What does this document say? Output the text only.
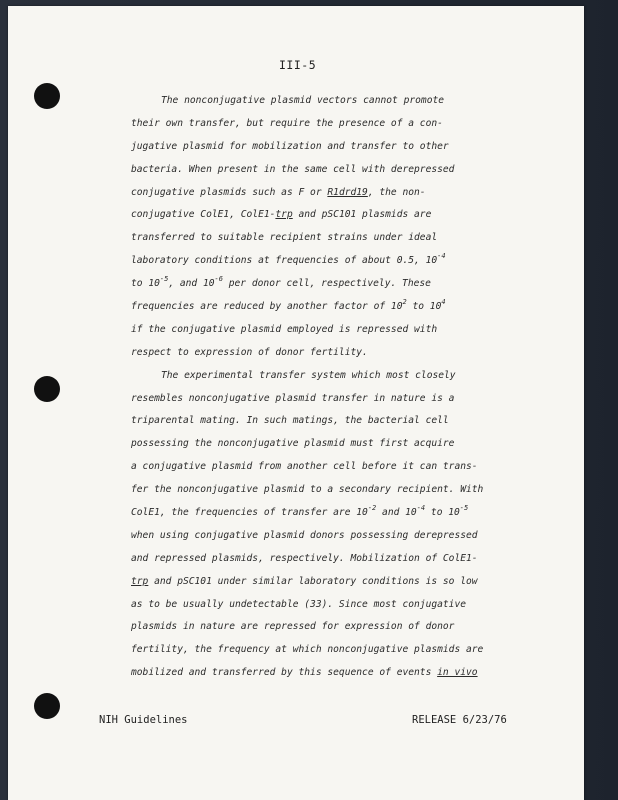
III-5
The nonconjugative plasmid vectors cannot promote
their own transfer, but require the presence of a con-
jugative plasmid for mobilization and transfer to other
bacteria. When present in the same cell with derepressed
conjugative plasmids such as F or R1drd19, the non-
conjugative ColE1, ColE1-trp and pSC101 plasmids are
transferred to suitable recipient strains under ideal
laboratory conditions at frequencies of about 0.5, $10^{-4}$
to $10^{-5}$, and $10^{-6}$ per donor cell, respectively. These
frequencies are reduced by another factor of $10^2$ to $10^4$
if the conjugative plasmid employed is repressed with
respect to expression of donor fertility.
The experimental transfer system which most closely
resembles nonconjugative plasmid transfer in nature is a
triparental mating. In such matings, the bacterial cell
possessing the nonconjugative plasmid must first acquire
a conjugative plasmid from another cell before it can trans-
fer the nonconjugative plasmid to a secondary recipient. With
ColE1, the frequencies of transfer are $10^{-2}$ and $10^{-4}$ to $10^{-5}$
when using conjugative plasmid donors possessing derepressed
and repressed plasmids, respectively. Mobilization of ColE1-
trp and pSC101 under similar laboratory conditions is so low
as to be usually undetectable (33). Since most conjugative
plasmids in nature are repressed for expression of donor
fertility, the frequency at which nonconjugative plasmids are
mobilized and transferred by this sequence of events in vivo
NIH Guidelines	RELEASE 6/23/76
